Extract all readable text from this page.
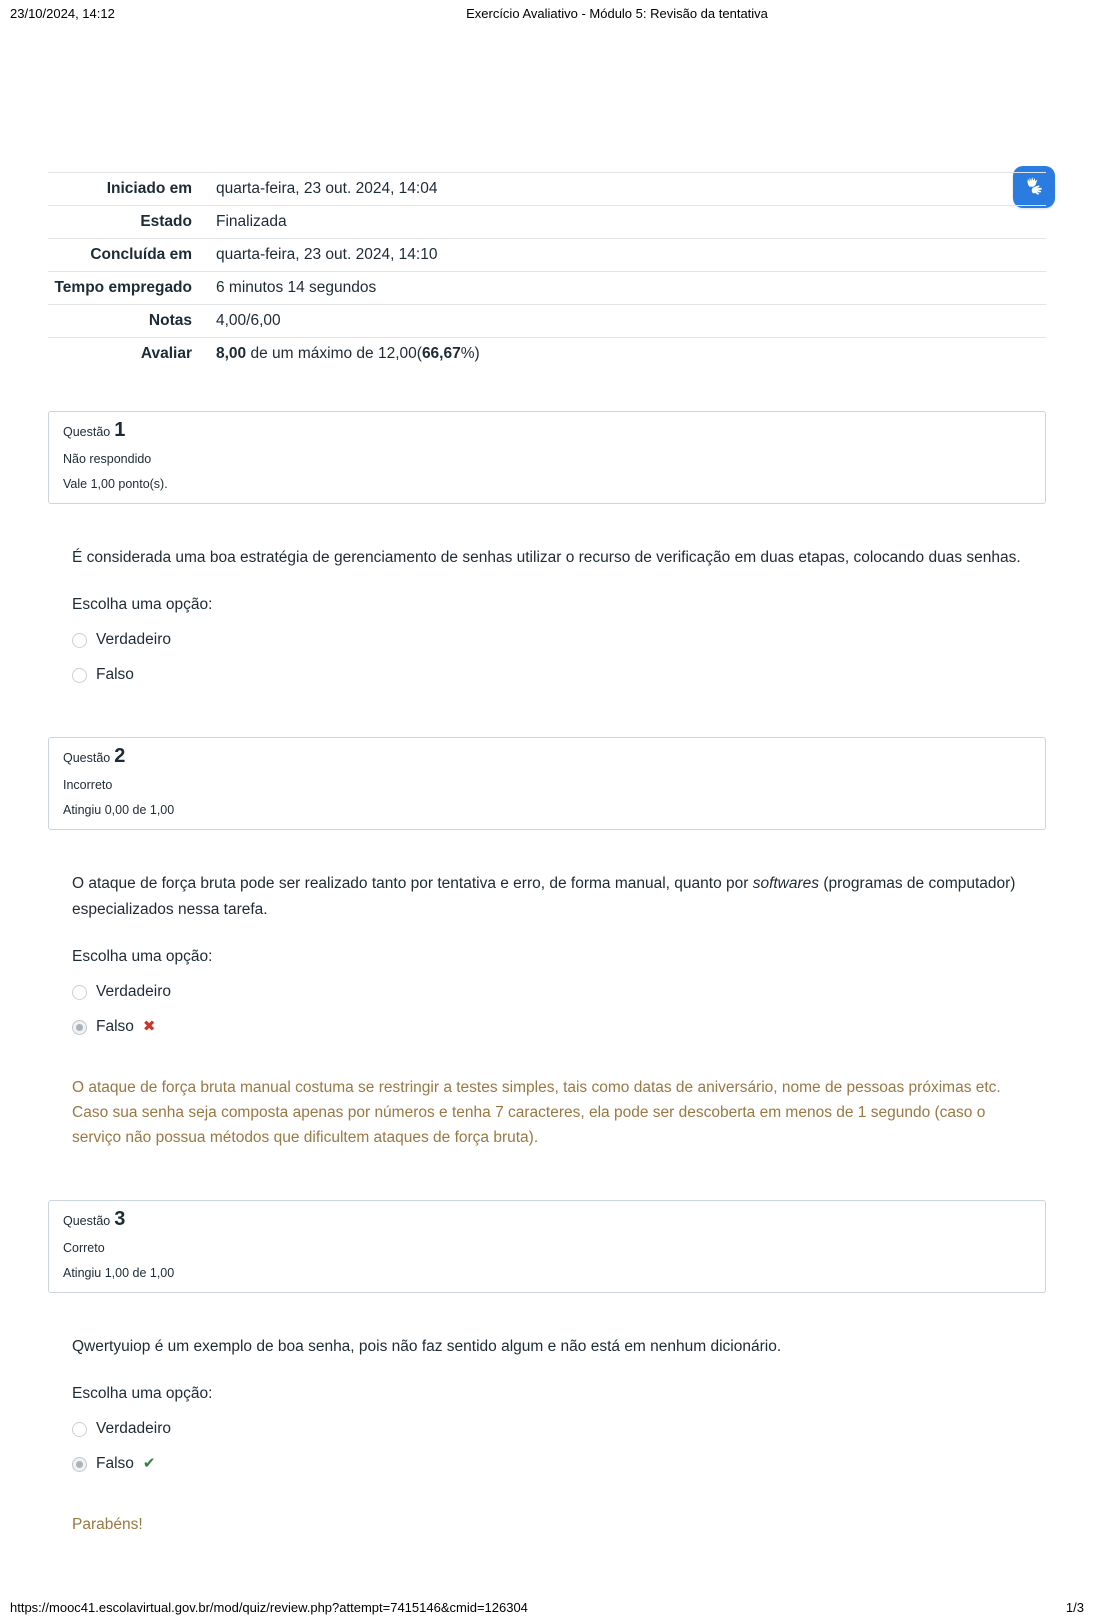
23/10/2024, 14:12	Exercício Avaliativo - Módulo 5: Revisão da tentativa
Iniciado em	quarta-feira, 23 out. 2024, 14:04
Estado	Finalizada
Concluída em	quarta-feira, 23 out. 2024, 14:10
Tempo empregado	6 minutos 14 segundos
Notas	4,00/6,00
Avaliar	8,00 de um máximo de 12,00(66,67%)
Questão 1
Não respondido
Vale 1,00 ponto(s).

É considerada uma boa estratégia de gerenciamento de senhas utilizar o recurso de verificação em duas etapas, colocando duas senhas.

Escolha uma opção:

Verdadeiro
Falso
Questão 2
Incorreto
Atingiu 0,00 de 1,00

O ataque de força bruta pode ser realizado tanto por tentativa e erro, de forma manual, quanto por softwares (programas de computador) especializados nessa tarefa.

Escolha uma opção:

Verdadeiro
Falso ✖

O ataque de força bruta manual costuma se restringir a testes simples, tais como datas de aniversário, nome de pessoas próximas etc. Caso sua senha seja composta apenas por números e tenha 7 caracteres, ela pode ser descoberta em menos de 1 segundo (caso o serviço não possua métodos que dificultem ataques de força bruta).

Questão 3
Correto
Atingiu 1,00 de 1,00

Qwertyuiop é um exemplo de boa senha, pois não faz sentido algum e não está em nenhum dicionário.

Escolha uma opção:

Verdadeiro
Falso ✔

Parabéns!

https://mooc41.escolavirtual.gov.br/mod/quiz/review.php?attempt=7415146&cmid=126304	1/3
